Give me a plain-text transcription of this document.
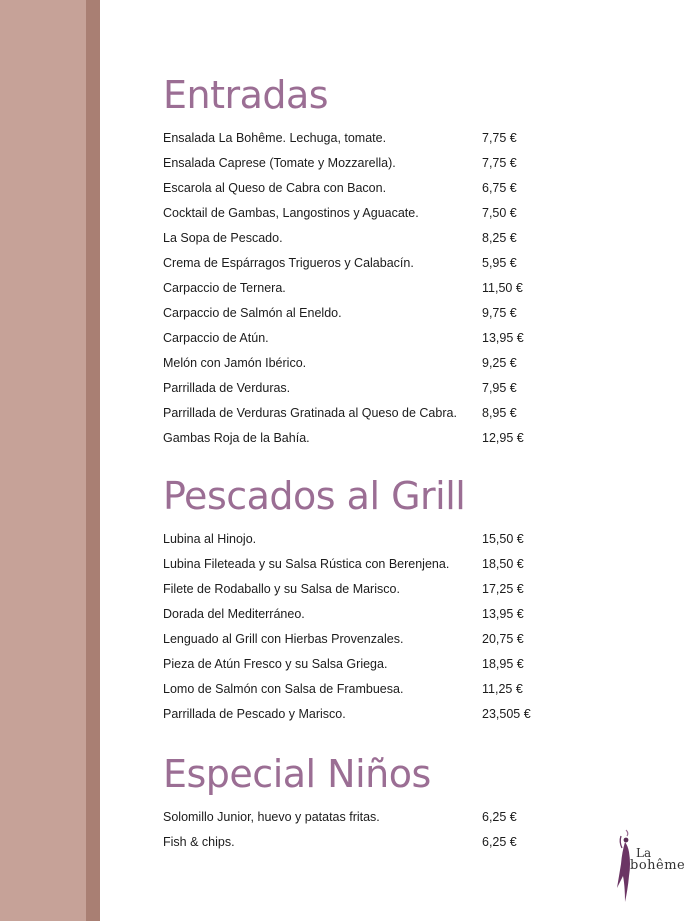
Entradas
Ensalada La Bohême. Lechuga, tomate.	7,75 €
Ensalada Caprese (Tomate y Mozzarella).	7,75 €
Escarola al Queso de Cabra con Bacon.	6,75 €
Cocktail de Gambas, Langostinos y Aguacate.	7,50 €
La Sopa de Pescado.	8,25 €
Crema de Espárragos Trigueros y Calabacín.	5,95 €
Carpaccio de Ternera.	11,50 €
Carpaccio de Salmón al Eneldo.	9,75 €
Carpaccio de Atún.	13,95 €
Melón con Jamón Ibérico.	9,25 €
Parrillada de Verduras.	7,95 €
Parrillada de Verduras Gratinada al Queso de Cabra. 8,95 €
Gambas Roja de la Bahía.	12,95 €
Pescados al Grill
Lubina al Hinojo.	15,50 €
Lubina Fileteada y su Salsa Rústica con Berenjena.	18,50 €
Filete de Rodaballo y su Salsa de Marisco.	17,25 €
Dorada del Mediterráneo.	13,95 €
Lenguado al Grill con Hierbas Provenzales.	20,75 €
Pieza de Atún Fresco y su Salsa Griega.	18,95 €
Lomo de Salmón con Salsa de Frambuesa.	11,25 €
Parrillada de Pescado y Marisco.	23,505 €
Especial Niños
Solomillo Junior, huevo y patatas fritas.	6,25 €
Fish & chips.	6,25 €
La
bohême
